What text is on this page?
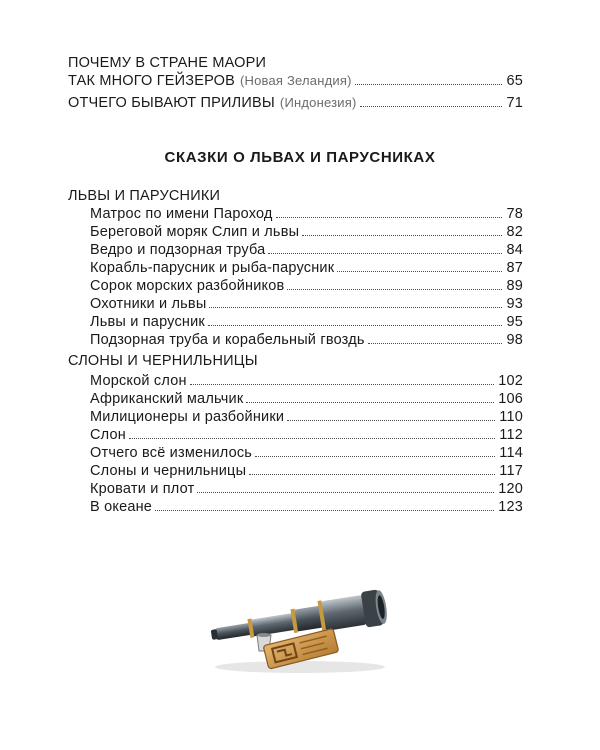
ПОЧЕМУ В СТРАНЕ МАОРИ
ТАК МНОГО ГЕЙЗЕРОВ (Новая Зеландия)	65
ОТЧЕГО БЫВАЮТ ПРИЛИВЫ (Индонезия)	71
СКАЗКИ О ЛЬВАХ И ПАРУСНИКАХ
ЛЬВЫ И ПАРУСНИКИ
Матрос по имени Пароход	78
Береговой моряк Слип и львы	82
Ведро и подзорная труба	84
Корабль-парусник и рыба-парусник	87
Сорок морских разбойников	89
Охотники и львы	93
Львы и парусник	95
Подзорная труба и корабельный гвоздь	98
СЛОНЫ И ЧЕРНИЛЬНИЦЫ
Морской слон	102
Африканский мальчик	106
Милиционеры и разбойники	110
Слон	112
Отчего всё изменилось	114
Слоны и чернильницы	117
Кровати и плот	120
В океане	123
